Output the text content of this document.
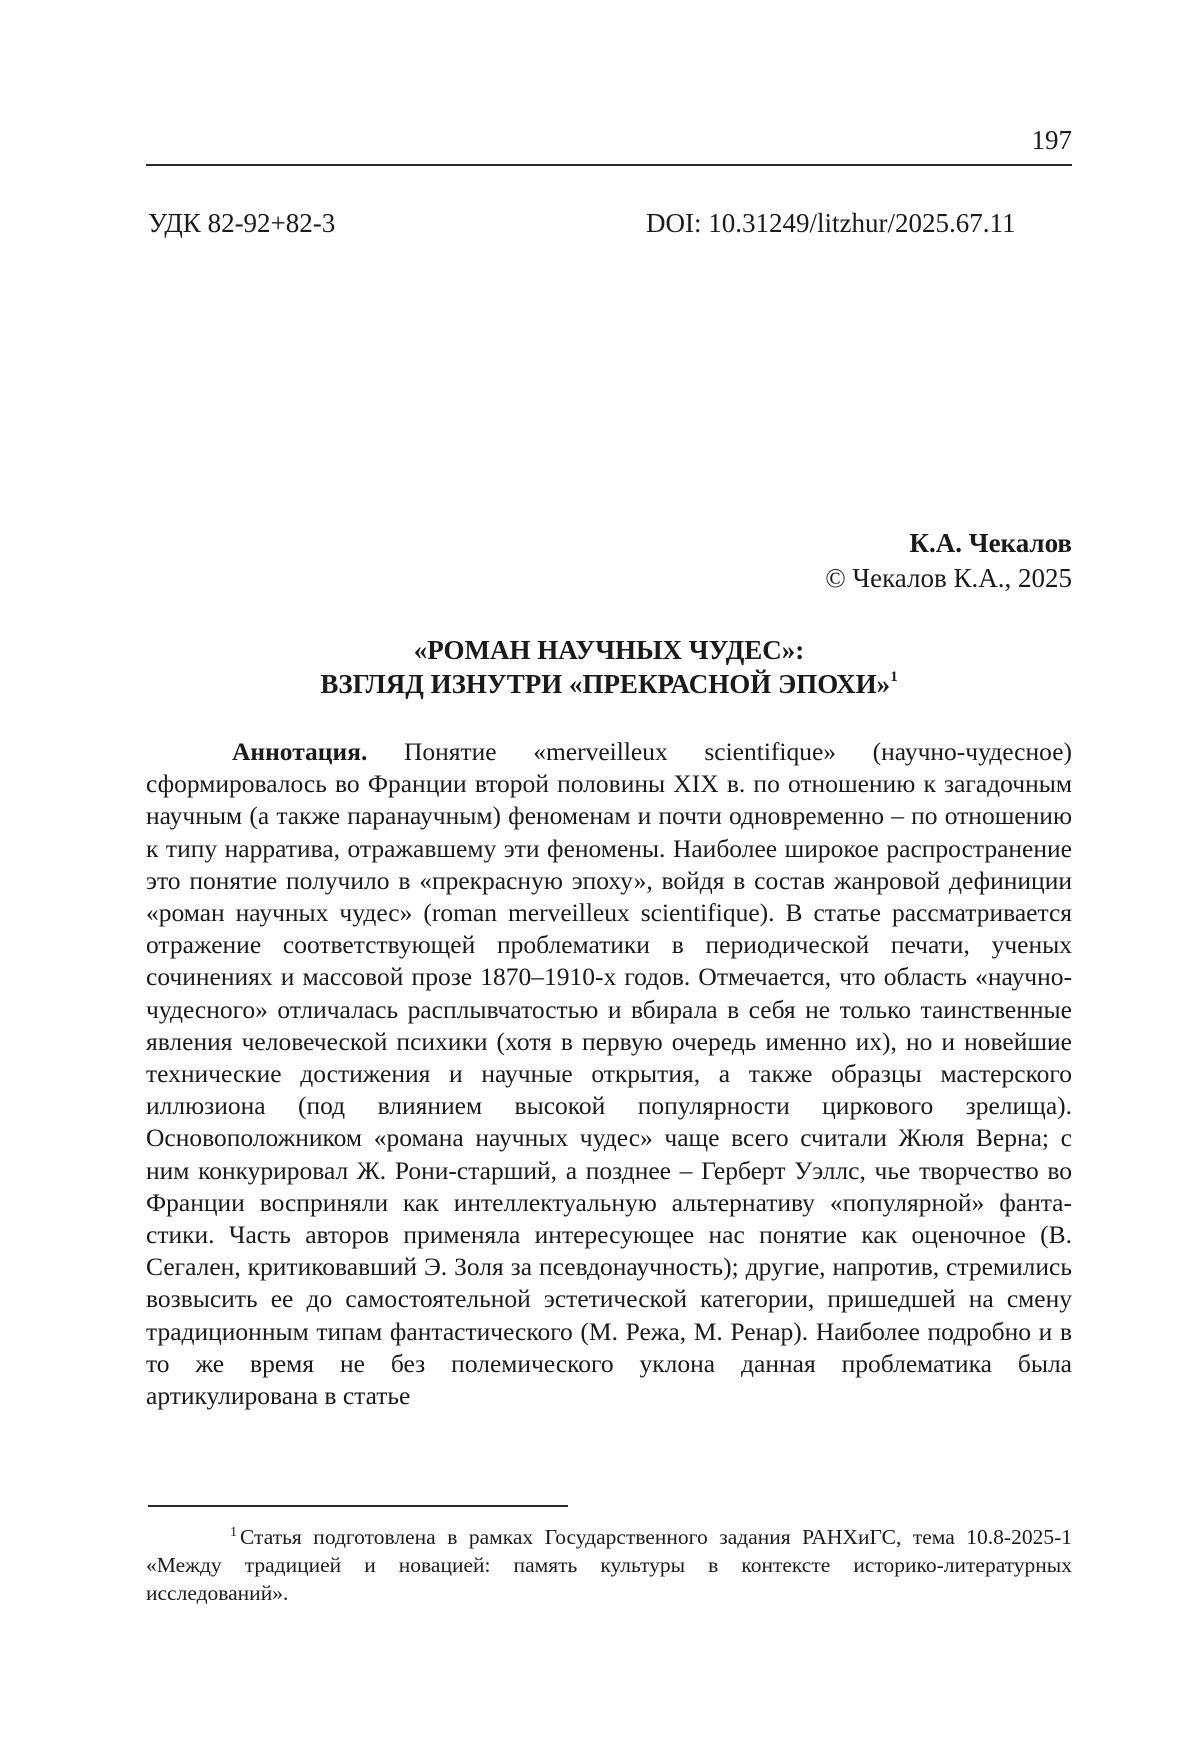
197
УДК 82-92+82-3	DOI: 10.31249/litzhur/2025.67.11
К.А. Чекалов
© Чекалов К.А., 2025
«РОМАН НАУЧНЫХ ЧУДЕС»:
ВЗГЛЯД ИЗНУТРИ «ПРЕКРАСНОЙ ЭПОХИ»$^1$

Аннотация. Понятие «merveilleux scientifique» (научно-чудесное) сформировалось во Франции второй половины XIX в. по отношению к загадочным научным (а также паранаучным) феноменам и почти одновременно – по отношению к типу нарратива, отражавшему эти феномены. Наиболее широкое распространение это понятие получило в «прекрасную эпоху», войдя в состав жанровой дефиниции «роман научных чудес» (roman merveilleux scientifique). В статье рассматривается отражение соответствующей проблематики в периодической печати, ученых сочинениях и массовой прозе 1870–1910-х годов. Отмечается, что область «научно-чудесного» отличалась расплывчатостью и вбирала в себя не только таинственные явления человеческой психики (хотя в первую очередь именно их), но и новейшие технические достижения и научные открытия, а также образцы мастерского иллюзиона (под влиянием высокой популярности циркового зрелища). Основоположником «романа научных чудес» чаще всего считали Жюля Верна; с ним конкурировал Ж. Рони-старший, а позднее – Герберт Уэллс, чье творчество во Франции восприняли как интеллектуальную альтернативу «популярной» фантастики. Часть авторов применяла интересующее нас понятие как оценочное (В. Сегален, критиковавший Э. Золя за псевдонаучность); другие, напротив, стремились возвысить ее до самостоятельной эстетической категории, пришедшей на смену традиционным типам фантастического (М. Режа, М. Ренар). Наиболее подробно и в то же время не без полемического уклона данная проблематика была артикулирована в статье

$^1$ Статья подготовлена в рамках Государственного задания РАНХиГС, тема 10.8-2025-1 «Между традицией и новацией: память культуры в контексте историко-литературных исследований».
